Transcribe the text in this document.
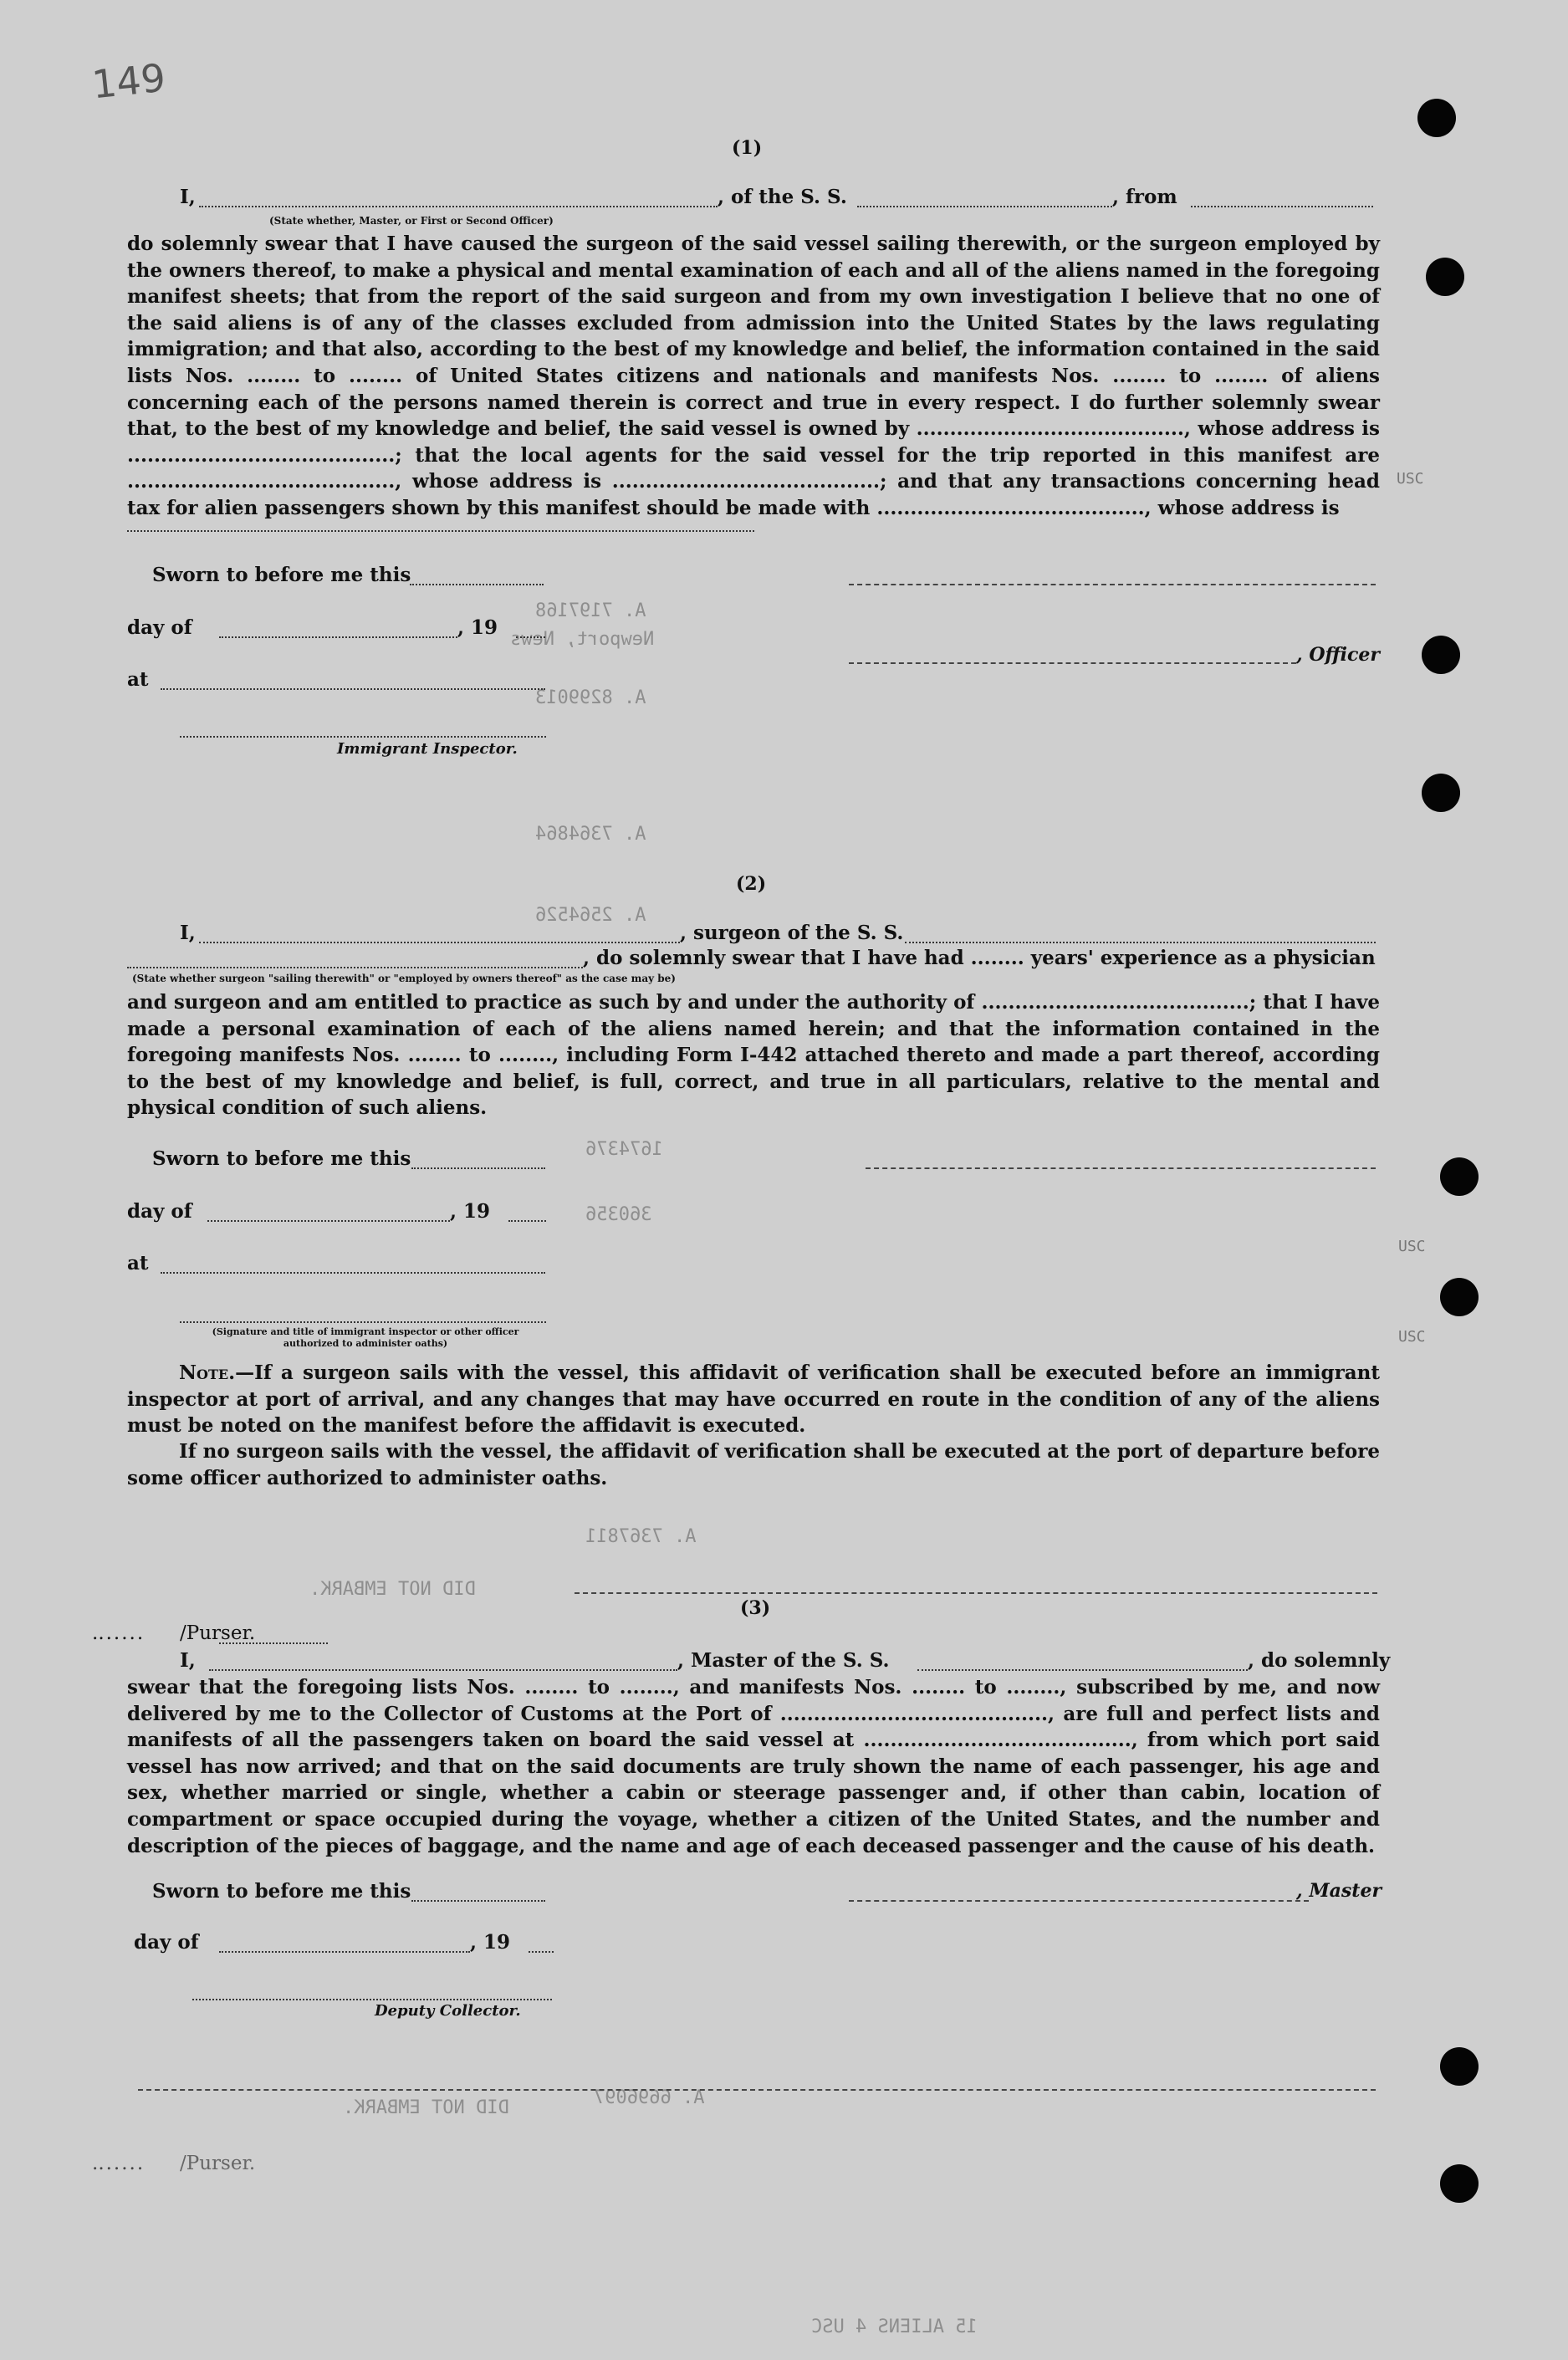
149
A. 7197168
Newport, News
A. 8299013
A. 7364864
A. 2564526
1674376
360356
A. 7367811
DID NOT EMBARK.
A. 6696097
15 ALIENS 4 USC
USC
USC
USC
(1)
I,	, of the S. S.	, from
(State whether, Master, or First or Second Officer)
do solemnly swear that I have caused the surgeon of the said vessel sailing therewith, or the surgeon employed by the owners thereof, to make a physical and mental examination of each and all of the aliens named in the foregoing manifest sheets; that from the report of the said surgeon and from my own investigation I believe that no one of the said aliens is of any of the classes excluded from admission into the United States by the laws regulating immigration; and that also, according to the best of my knowledge and belief, the information contained in the said lists Nos. ........ to ........ of United States citizens and nationals and manifests Nos. ........ to ........ of aliens concerning each of the persons named therein is correct and true in every respect. I do further solemnly swear that, to the best of my knowledge and belief, the said vessel is owned by ........................................, whose address is ........................................; that the local agents for the said vessel for the trip reported in this manifest are ........................................, whose address is ........................................; and that any transactions concerning head tax for alien passengers shown by this manifest should be made with ........................................, whose address is
Sworn to before me this
day of	, 19
, Officer
at
Immigrant Inspector.
(2)
I,	, surgeon of the S. S.
, do solemnly swear that I have had ........ years' experience as a physician
(State whether surgeon "sailing therewith" or "employed by owners thereof" as the case may be)
and surgeon and am entitled to practice as such by and under the authority of ........................................; that I have made a personal examination of each of the aliens named herein; and that the information contained in the foregoing manifests Nos. ........ to ........, including Form I-442 attached thereto and made a part thereof, according to the best of my knowledge and belief, is full, correct, and true in all particulars, relative to the mental and physical condition of such aliens.
Sworn to before me this
day of	, 19
at
(Signature and title of immigrant inspector or other officer authorized to administer oaths)
Note.—If a surgeon sails with the vessel, this affidavit of verification shall be executed before an immigrant inspector at port of arrival, and any changes that may have occurred en route in the condition of any of the aliens must be noted on the manifest before the affidavit is executed.
If no surgeon sails with the vessel, the affidavit of verification shall be executed at the port of departure before some officer authorized to administer oaths.
(3)
....... /Purser.
I,	, Master of the S. S.	, do solemnly
swear that the foregoing lists Nos. ........ to ........, and manifests Nos. ........ to ........, subscribed by me, and now delivered by me to the Collector of Customs at the Port of ........................................, are full and perfect lists and manifests of all the passengers taken on board the said vessel at ........................................, from which port said vessel has now arrived; and that on the said documents are truly shown the name of each passenger, his age and sex, whether married or single, whether a cabin or steerage passenger and, if other than cabin, location of compartment or space occupied during the voyage, whether a citizen of the United States, and the number and description of the pieces of baggage, and the name and age of each deceased passenger and the cause of his death.
Sworn to before me this	, Master
day of	, 19
Deputy Collector.
DID NOT EMBARK.
....... /Purser.
